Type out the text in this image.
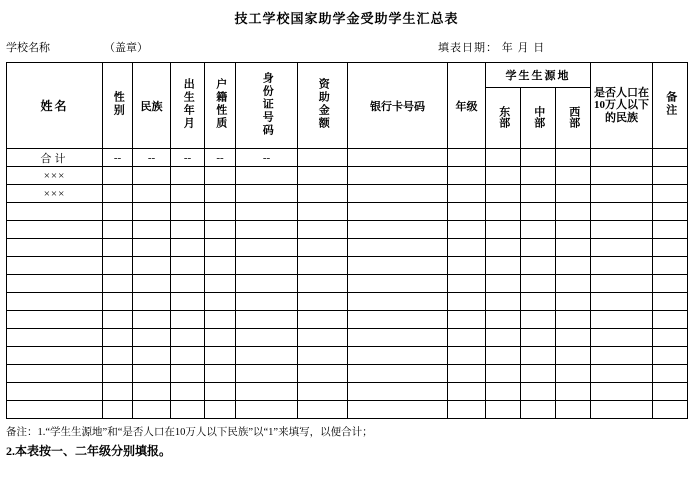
技工学校国家助学金受助学生汇总表
学校名称	（盖章）	填表日期： 年 月 日
姓名	性别	民族	出生年月	户籍性质	身份证号码	资助金额	银行卡号码	年级	学生生源地			是否人口在10万人以下的民族	备注
									东部	中部	西部		
合计	--	--	--	--	--								
×××													
×××													

备注：1.“学生生源地”和“是否人口在10万人以下民族”以“1”来填写，以便合计；
2.本表按一、二年级分别填报。
